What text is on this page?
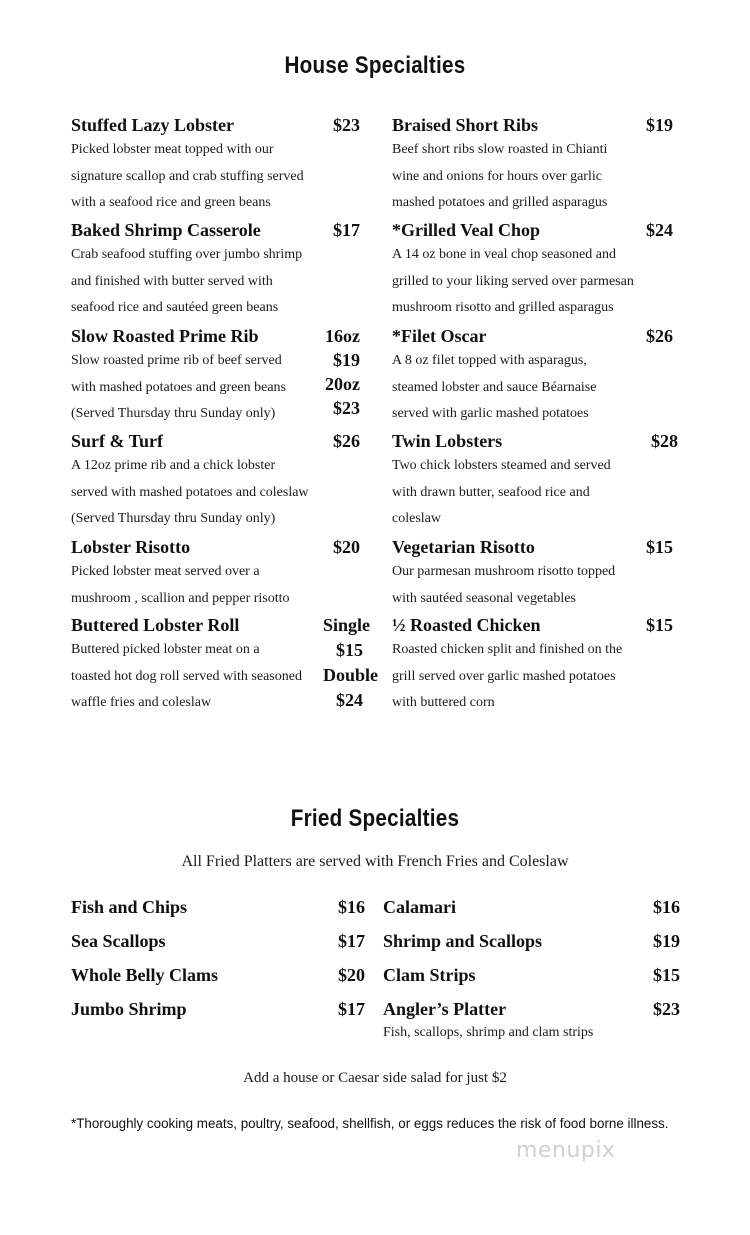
House Specialties
Stuffed Lazy Lobster
Picked lobster meat topped with our
signature scallop and crab stuffing served
with a seafood rice and green beans
$23
Baked Shrimp Casserole
Crab seafood stuffing over jumbo shrimp
and finished with butter served with
seafood rice and sautéed green beans
$17
Slow Roasted Prime Rib
Slow roasted prime rib of beef served
with mashed potatoes and green beans
(Served Thursday thru Sunday only)
16oz
$19
20oz
$23
Surf & Turf
A 12oz prime rib and a chick lobster
served with mashed potatoes and coleslaw
(Served Thursday thru Sunday only)
$26
Lobster Risotto
Picked lobster meat served over a
mushroom , scallion and pepper risotto
$20
Buttered Lobster Roll
Buttered picked lobster meat on a
toasted hot dog roll served with seasoned
waffle fries and coleslaw
Single
$15
Double
$24
Braised Short Ribs
Beef short ribs slow roasted in Chianti
wine and onions for hours over garlic
mashed potatoes and grilled asparagus
$19
*Grilled Veal Chop
A 14 oz bone in veal chop seasoned and
grilled to your liking served over parmesan
mushroom risotto and grilled asparagus
$24
*Filet Oscar
A 8 oz filet topped with asparagus,
steamed lobster and sauce Béarnaise
served with garlic mashed potatoes
$26
Twin Lobsters
Two chick lobsters steamed and served
with drawn butter, seafood rice and
coleslaw
$28
Vegetarian Risotto
Our parmesan mushroom risotto topped
with sautéed seasonal vegetables
$15
½ Roasted Chicken
Roasted chicken split and finished on the
grill served over garlic mashed potatoes
with buttered corn
$15
Fried Specialties
All Fried Platters are served with French Fries and Coleslaw
Fish and Chips	$16
Sea Scallops	$17
Whole Belly Clams	$20
Jumbo Shrimp	$17
Calamari	$16
Shrimp and Scallops	$19
Clam Strips	$15
Angler’s Platter	$23
Fish, scallops, shrimp and clam strips
Add a house or Caesar side salad for just $2
*Thoroughly cooking meats, poultry, seafood, shellfish, or eggs reduces the risk of food borne illness.
menupix
